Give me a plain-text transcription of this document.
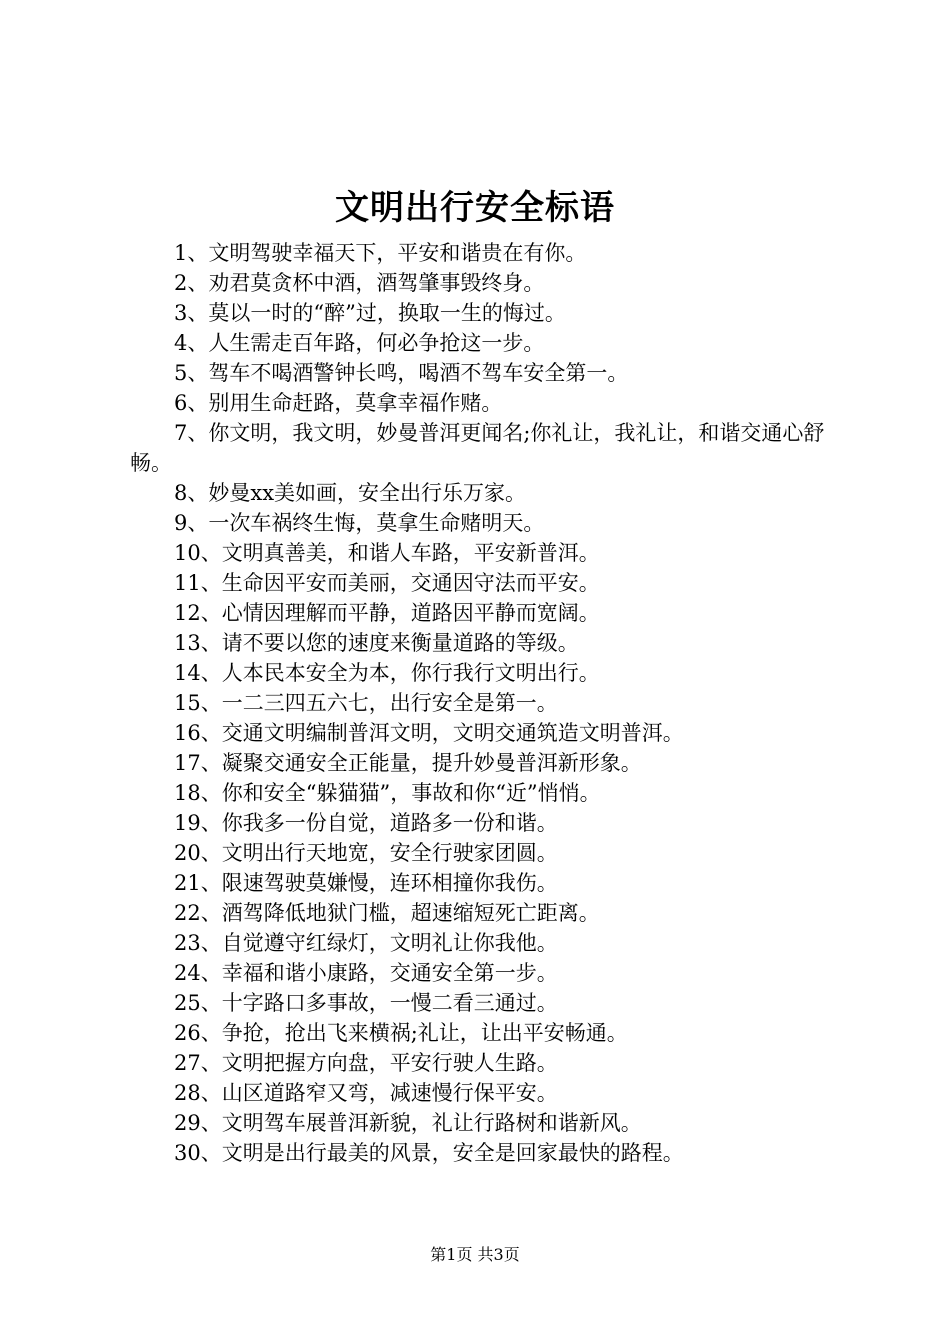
文明出行安全标语
1、文明驾驶幸福天下，平安和谐贵在有你。
2、劝君莫贪杯中酒，酒驾肇事毁终身。
3、莫以一时的“醉”过，换取一生的悔过。
4、人生需走百年路，何必争抢这一步。
5、驾车不喝酒警钟长鸣，喝酒不驾车安全第一。
6、别用生命赶路，莫拿幸福作赌。
7、你文明，我文明，妙曼普洱更闻名;你礼让，我礼让，和谐交通心舒畅。
8、妙曼xx美如画，安全出行乐万家。
9、一次车祸终生悔，莫拿生命赌明天。
10、文明真善美，和谐人车路，平安新普洱。
11、生命因平安而美丽，交通因守法而平安。
12、心情因理解而平静，道路因平静而宽阔。
13、请不要以您的速度来衡量道路的等级。
14、人本民本安全为本，你行我行文明出行。
15、一二三四五六七，出行安全是第一。
16、交通文明编制普洱文明，文明交通筑造文明普洱。
17、凝聚交通安全正能量，提升妙曼普洱新形象。
18、你和安全“躲猫猫”，事故和你“近”悄悄。
19、你我多一份自觉，道路多一份和谐。
20、文明出行天地宽，安全行驶家团圆。
21、限速驾驶莫嫌慢，连环相撞你我伤。
22、酒驾降低地狱门槛，超速缩短死亡距离。
23、自觉遵守红绿灯，文明礼让你我他。
24、幸福和谐小康路，交通安全第一步。
25、十字路口多事故，一慢二看三通过。
26、争抢，抢出飞来横祸;礼让，让出平安畅通。
27、文明把握方向盘，平安行驶人生路。
28、山区道路窄又弯，减速慢行保平安。
29、文明驾车展普洱新貌，礼让行路树和谐新风。
30、文明是出行最美的风景，安全是回家最快的路程。
第1页 共3页
